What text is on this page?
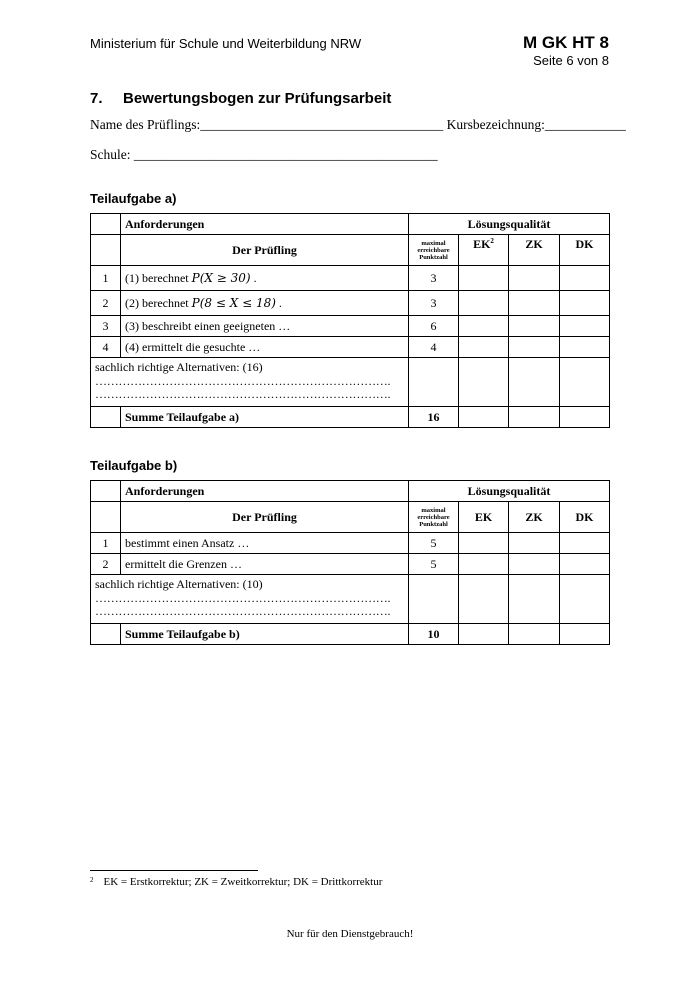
Ministerium für Schule und Weiterbildung NRW	M GK HT 8
Seite 6 von 8
7. Bewertungsbogen zur Prüfungsarbeit
Name des Prüflings:____________________________________ Kursbezeichnung:____________
Schule: _____________________________________________
Teilaufgabe a)
	Anforderungen	Lösungsqualität			
	Der Prüfling	maximal
erreichbare
Punktzahl	$EK^2$	ZK	DK
1	(1) berechnet P(X ≥ 30) .	3			
2	(2) berechnet P(8 ≤ X ≤ 18) .	3			
3	(3) beschreibt einen geeigneten …	6			
4	(4) ermittelt die gesuchte …	4			

sachlich richtige Alternativen: (16)
………………………………………………………………….
………………………………………………………………….					

	Summe Teilaufgabe a)	16			
Teilaufgabe b)
	Anforderungen	Lösungsqualität			
	Der Prüfling	maximal
erreichbare
Punktzahl	EK	ZK	DK
1	bestimmt einen Ansatz …	5			
2	ermittelt die Grenzen …	5			

sachlich richtige Alternativen: (10)
………………………………………………………………….
………………………………………………………………….					

	Summe Teilaufgabe b)	10			
$^2$ EK = Erstkorrektur; ZK = Zweitkorrektur; DK = Drittkorrektur
Nur für den Dienstgebrauch!
